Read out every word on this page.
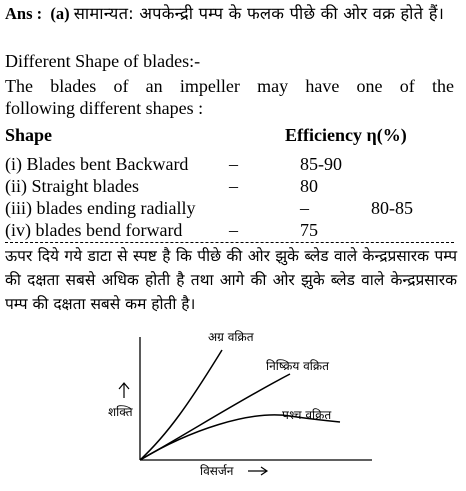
Ans : (a) सामान्यत: अपकेन्द्री पम्प के फलक पीछे की ओर वक्र होते हैं।
Different Shape of blades:-
The blades of an impeller may have one of the
following different shapes :
Shape	Efficiency η(%)
(i) Blades bent Backward –	85-90
(ii) Straight blades	–	80
(iii) blades ending radially	–	80-85
(iv) blades bend forward	–	75
ऊपर दिये गये डाटा से स्पष्ट है कि पीछे की ओर झुके ब्लेड वाले केन्द्रप्रसारक पम्प की दक्षता सबसे अधिक होती है तथा आगे की ओर झुके ब्लेड वाले केन्द्रप्रसारक पम्प की दक्षता सबसे कम होती है।
अग्र वक्रित
निष्क्रिय वक्रित
पश्च वक्रित
शक्ति
विसर्जन
